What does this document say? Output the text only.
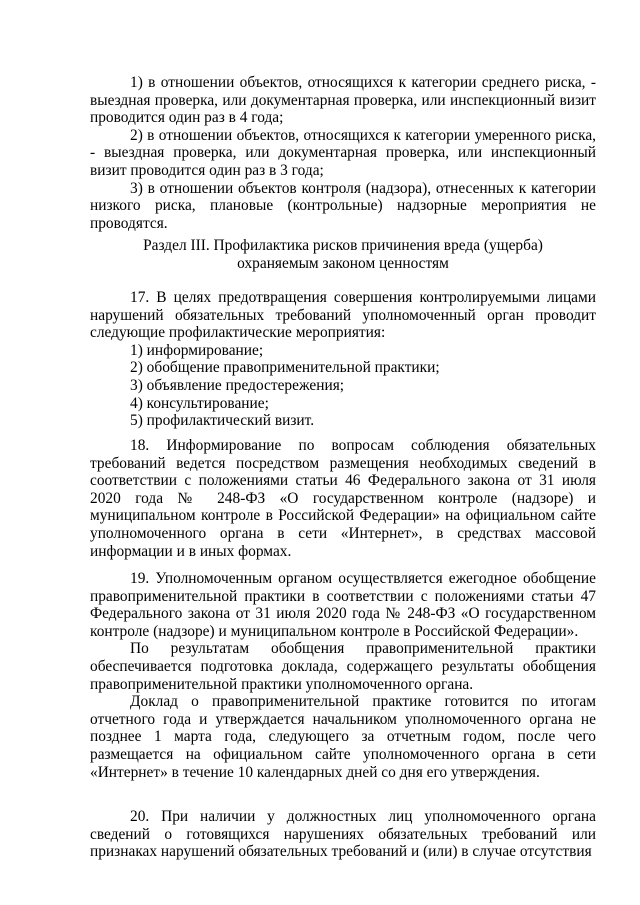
1) в отношении объектов, относящихся к категории среднего риска, - выездная проверка, или документарная проверка, или инспекционный визит проводится один раз в 4 года;

2) в отношении объектов, относящихся к категории умеренного риска, - выездная проверка, или документарная проверка, или инспекционный визит проводится один раз в 3 года;

3) в отношении объектов контроля (надзора), отнесенных к категории низкого риска, плановые (контрольные) надзорные мероприятия не проводятся.

Раздел III. Профилактика рисков причинения вреда (ущерба)

охраняемым законом ценностям

17. В целях предотвращения совершения контролируемыми лицами нарушений обязательных требований уполномоченный орган проводит следующие профилактические мероприятия:

1) информирование;

2) обобщение правоприменительной практики;

3) объявление предостережения;

4) консультирование;

5) профилактический визит.

18. Информирование по вопросам соблюдения обязательных требований ведется посредством размещения необходимых сведений в соответствии с положениями статьи 46 Федерального закона от 31 июля 2020 года № 248-ФЗ «О государственном контроле (надзоре) и муниципальном контроле в Российской Федерации» на официальном сайте уполномоченного органа в сети «Интернет», в средствах массовой информации и в иных формах.

19. Уполномоченным органом осуществляется ежегодное обобщение правоприменительной практики в соответствии с положениями статьи 47 Федерального закона от 31 июля 2020 года № 248-ФЗ «О государственном контроле (надзоре) и муниципальном контроле в Российской Федерации».

По результатам обобщения правоприменительной практики обеспечивается подготовка доклада, содержащего результаты обобщения правоприменительной практики уполномоченного органа.

Доклад о правоприменительной практике готовится по итогам отчетного года и утверждается начальником уполномоченного органа не позднее 1 марта года, следующего за отчетным годом, после чего размещается на официальном сайте уполномоченного органа в сети «Интернет» в течение 10 календарных дней со дня его утверждения.

20. При наличии у должностных лиц уполномоченного органа сведений о готовящихся нарушениях обязательных требований или признаках нарушений обязательных требований и (или) в случае отсутствия
